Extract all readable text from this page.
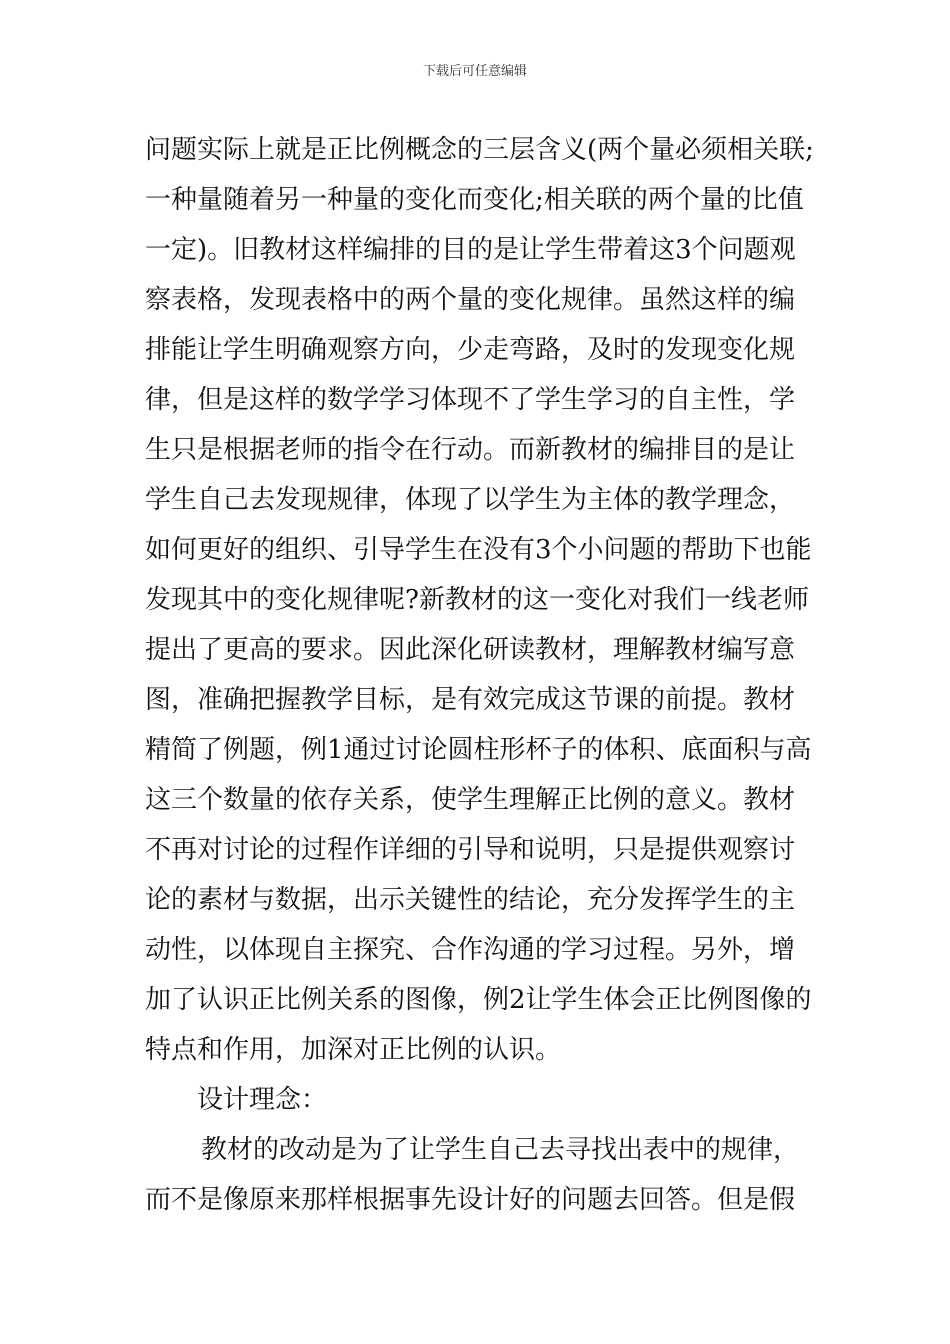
下载后可任意编辑
问题实际上就是正比例概念的三层含义(两个量必须相关联;
一种量随着另一种量的变化而变化;相关联的两个量的比值
一定)。旧教材这样编排的目的是让学生带着这3个问题观
察表格，发现表格中的两个量的变化规律。虽然这样的编
排能让学生明确观察方向，少走弯路，及时的发现变化规
律，但是这样的数学学习体现不了学生学习的自主性，学
生只是根据老师的指令在行动。而新教材的编排目的是让
学生自己去发现规律，体现了以学生为主体的教学理念，
如何更好的组织、引导学生在没有3个小问题的帮助下也能
发现其中的变化规律呢?新教材的这一变化对我们一线老师
提出了更高的要求。因此深化研读教材，理解教材编写意
图，准确把握教学目标，是有效完成这节课的前提。教材
精简了例题，例1通过讨论圆柱形杯子的体积、底面积与高
这三个数量的依存关系，使学生理解正比例的意义。教材
不再对讨论的过程作详细的引导和说明，只是提供观察讨
论的素材与数据，出示关键性的结论，充分发挥学生的主
动性，以体现自主探究、合作沟通的学习过程。另外，增
加了认识正比例关系的图像，例2让学生体会正比例图像的
特点和作用，加深对正比例的认识。
设计理念：
教材的改动是为了让学生自己去寻找出表中的规律，
而不是像原来那样根据事先设计好的问题去回答。但是假
